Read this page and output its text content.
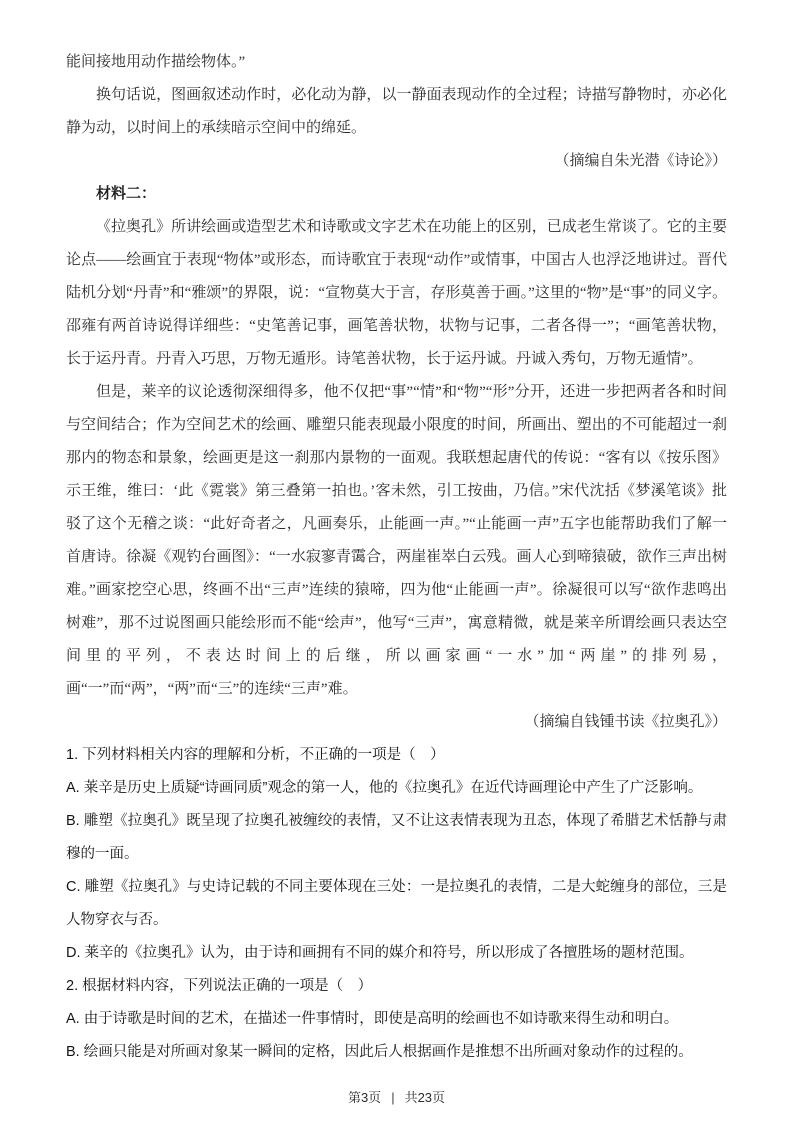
能间接地用动作描绘物体。”

换句话说，图画叙述动作时，必化动为静，以一静面表现动作的全过程；诗描写静物时，亦必化静为动，以时间上的承续暗示空间中的绵延。

（摘编自朱光潜《诗论》）

材料二：

《拉奥孔》所讲绘画或造型艺术和诗歌或文字艺术在功能上的区别，已成老生常谈了。它的主要论点——绘画宜于表现“物体”或形态，而诗歌宜于表现“动作”或情事，中国古人也浮泛地讲过。晋代陆机分划“丹青”和“雅颂”的界限，说：“宣物莫大于言，存形莫善于画。”这里的“物”是“事”的同义字。邵雍有两首诗说得详细些：“史笔善记事，画笔善状物，状物与记事，二者各得一”；“画笔善状物，长于运丹青。丹青入巧思，万物无遁形。诗笔善状物，长于运丹诚。丹诚入秀句，万物无遁情”。

但是，莱辛的议论透彻深细得多，他不仅把“事”“情”和“物”“形”分开，还进一步把两者各和时间与空间结合；作为空间艺术的绘画、雕塑只能表现最小限度的时间，所画出、塑出的不可能超过一刹那内的物态和景象，绘画更是这一刹那内景物的一面观。我联想起唐代的传说：“客有以《按乐图》示王维，维曰：‘此《霓裳》第三叠第一拍也。’客未然，引工按曲，乃信。”宋代沈括《梦溪笔谈》批驳了这个无稽之谈：“此好奇者之，凡画奏乐，止能画一声。”“止能画一声”五字也能帮助我们了解一首唐诗。徐凝《观钓台画图》：“一水寂寥青霭合，两崖崔崒白云残。画人心到啼猿破，欲作三声出树难。”画家挖空心思，终画不出“三声”连续的猿啼，四为他“止能画一声”。徐凝很可以写“欲作悲鸣出树难”，那不过说图画只能绘形而不能“绘声”，他写“三声”，寓意精微，就是莱辛所谓绘画只表达空间里的平列，不表达时间上的后继，所以画家画“一水”加“两崖”的排列易，画“一”而“两”，“两”而“三”的连续“三声”难。

（摘编自钱锺书读《拉奥孔》）

1. 下列材料相关内容的理解和分析，不正确的一项是（　）

A. 莱辛是历史上质疑“诗画同质”观念的第一人，他的《拉奥孔》在近代诗画理论中产生了广泛影响。

B. 雕塑《拉奥孔》既呈现了拉奥孔被缠绞的表情，又不让这表情表现为丑态，体现了希腊艺术恬静与肃穆的一面。

C. 雕塑《拉奥孔》与史诗记载的不同主要体现在三处：一是拉奥孔的表情，二是大蛇缠身的部位，三是人物穿衣与否。

D. 莱辛的《拉奥孔》认为，由于诗和画拥有不同的媒介和符号，所以形成了各擅胜场的题材范围。

2. 根据材料内容，下列说法正确的一项是（　）

A. 由于诗歌是时间的艺术，在描述一件事情时，即使是高明的绘画也不如诗歌来得生动和明白。

B. 绘画只能是对所画对象某一瞬间的定格，因此后人根据画作是推想不出所画对象动作的过程的。

第3页 | 共23页
